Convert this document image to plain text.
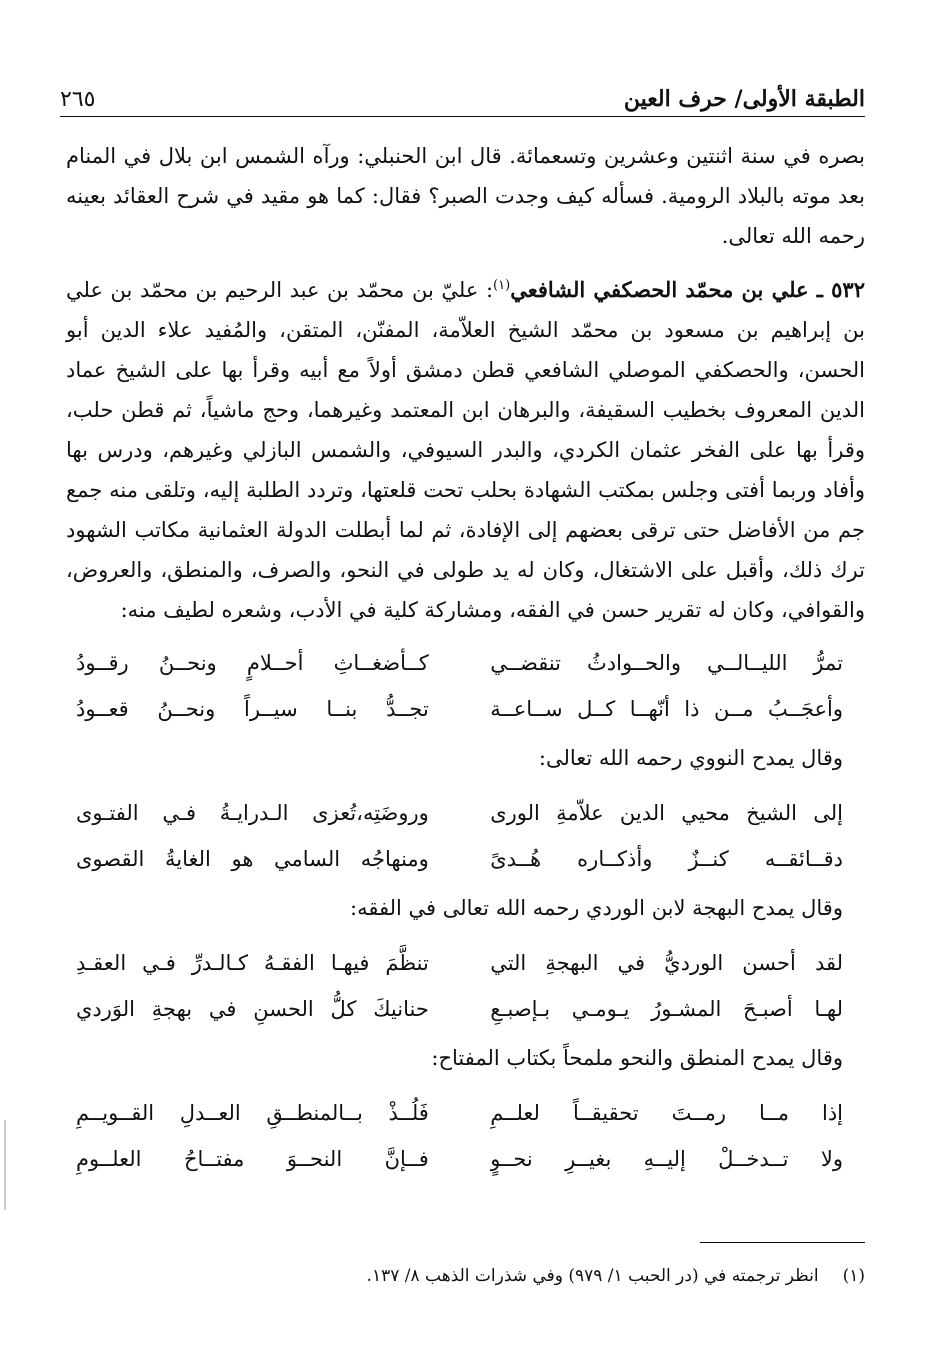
الطبقة الأولى/ حرف العين
٢٦٥

بصره في سنة اثنتين وعشرين وتسعمائة. قال ابن الحنبلي: ورآه الشمس ابن بلال في المنام بعد موته بالبلاد الرومية. فسأله كيف وجدت الصبر؟ فقال: كما هو مقيد في شرح العقائد بعينه رحمه الله تعالى.

٥٣٢ ـ علي بن محمّد الحصكفي الشافعي$^{(١)}$: عليّ بن محمّد بن عبد الرحيم بن محمّد بن علي بن إبراهيم بن مسعود بن محمّد الشيخ العلاّمة، المفنّن، المتقن، والمُفيد علاء الدين أبو الحسن، والحصكفي الموصلي الشافعي قطن دمشق أولاً مع أبيه وقرأ بها على الشيخ عماد الدين المعروف بخطيب السقيفة، والبرهان ابن المعتمد وغيرهما، وحج ماشياً، ثم قطن حلب، وقرأ بها على الفخر عثمان الكردي، والبدر السيوفي، والشمس البازلي وغيرهم، ودرس بها وأفاد وربما أفتى وجلس بمكتب الشهادة بحلب تحت قلعتها، وتردد الطلبة إليه، وتلقى منه جمع جم من الأفاضل حتى ترقى بعضهم إلى الإفادة، ثم لما أبطلت الدولة العثمانية مكاتب الشهود ترك ذلك، وأقبل على الاشتغال، وكان له يد طولى في النحو، والصرف، والمنطق، والعروض، والقوافي، وكان له تقرير حسن في الفقه، ومشاركة كلية في الأدب، وشعره لطيف منه:

تمرُّ الليــالــي والحــوادثُ تنقضــي
كــأضغــاثِ أحــلامٍ ونحــنُ رقــودُ
وأعجَــبُ مــن ذا أنّهــا كــل ســاعــة
تجــدُّ بنــا سيــراً ونحــنُ قعــودُ
وقال يمدح النووي رحمه الله تعالى:
إلى الشيخ محيي الدين علاّمةِ الورى
وروضَتِه،تُعزى الـدرايـةُ فـي الفتـوى
دقــائقــه كنــزٌ وأذكــاره هُــدىً
ومنهاجُه السامي هو الغايةُ القصوى
وقال يمدح البهجة لابن الوردي رحمه الله تعالى في الفقه:
لقد أحسن الورديُّ في البهجةِ التي
تنظَّمَ فيهـا الفقـهُ كـالـدرِّ فـي العقـدِ
لهـا أصبـحَ المشـورُ يـومـي بـإصبـعِ
حنانيكَ كلُّ الحسنِ في بهجةِ الوَردي
وقال يمدح المنطق والنحو ملمحاً بكتاب المفتاح:
إذا مــا رمــتَ تحقيقــاً لعلــمِ
فَلُــذْ بــالمنطــقِ العــدلِ القــويــمِ
ولا تــدخــلْ إليــهِ بغيــرِ نحــوٍ
فــإنَّ النحــوَ مفتــاحُ العلــومِ
(١)انظر ترجمته في (در الحبب ١/ ٩٧٩) وفي شذرات الذهب ٨/ ١٣٧.
